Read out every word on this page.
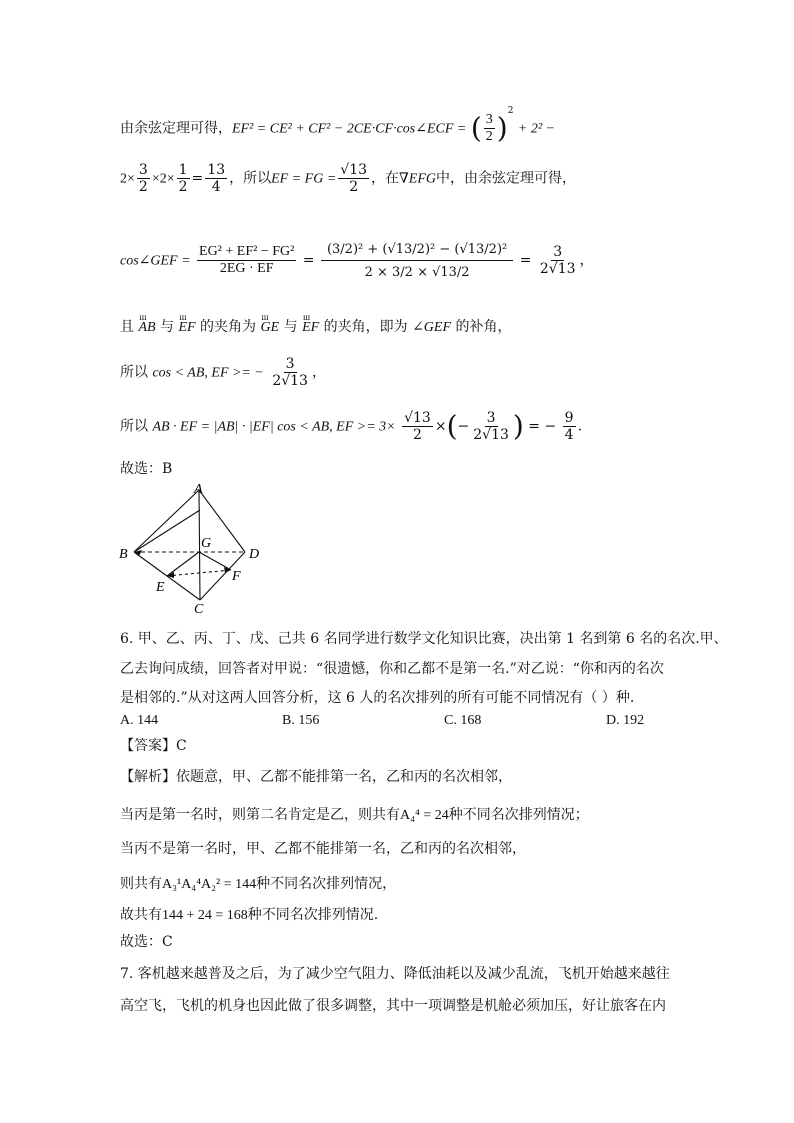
由余弦定理可得，EF² = CE² + CF² − 2CE·CF·cos∠ECF = ( $\frac{3}{2} )^2 + 2^2$ −
$2\times \frac{3}{2} \times 2\times \frac{1}{2} = \frac{13}{4}$ ，所以EF = FG = $\frac{√13}{2}$ ，在∇EFG中，由余弦定理可得，
cos∠GEF = $\frac{\text{EG² + EF² − FG²}}{2EG \cdot EF} = \frac{\text{(3/2)² + (√13/2)² − (√13/2)²}}{2 \times 3/2 \times √13/2} = \frac{3}{2√13}$ ，
且 ш AB 与 ш EF 的夹角为 ш GE 与 ш EF 的夹角，即为 ∠GEF 的补角，
所以 cos < AB, EF >= − $\frac{3}{2√13}$ ，
所以 AB · EF = |AB| · |EF| cos < AB, EF >= $3\times \frac{√13}{2}$ ×(− $\frac{3}{2√13}$ ) = − $\frac{9}{4}$ .
故选：B
A
B
C
D
E
F
G
6. 甲、乙、丙、丁、戊、己共 6 名同学进行数学文化知识比赛，决出第 1 名到第 6 名的名次.甲、
乙去询问成绩，回答者对甲说：“很遗憾，你和乙都不是第一名.”对乙说：“你和丙的名次
是相邻的.”从对这两人回答分析，这 6 人的名次排列的所有可能不同情况有（ ）种.
A. 144	B. 156	C. 168	D. 192
【答案】C
【解析】依题意，甲、乙都不能排第一名，乙和丙的名次相邻，
当丙是第一名时，则第二名肯定是乙，则共有A₄⁴ = 24种不同名次排列情况；
当丙不是第一名时，甲、乙都不能排第一名，乙和丙的名次相邻，
则共有A₃¹A₄⁴A₂² = 144种不同名次排列情况，
故共有144 + 24 = 168种不同名次排列情况.
故选：C
7. 客机越来越普及之后，为了减少空气阻力、降低油耗以及减少乱流，飞机开始越来越往
高空飞，飞机的机身也因此做了很多调整，其中一项调整是机舱必须加压，好让旅客在内
